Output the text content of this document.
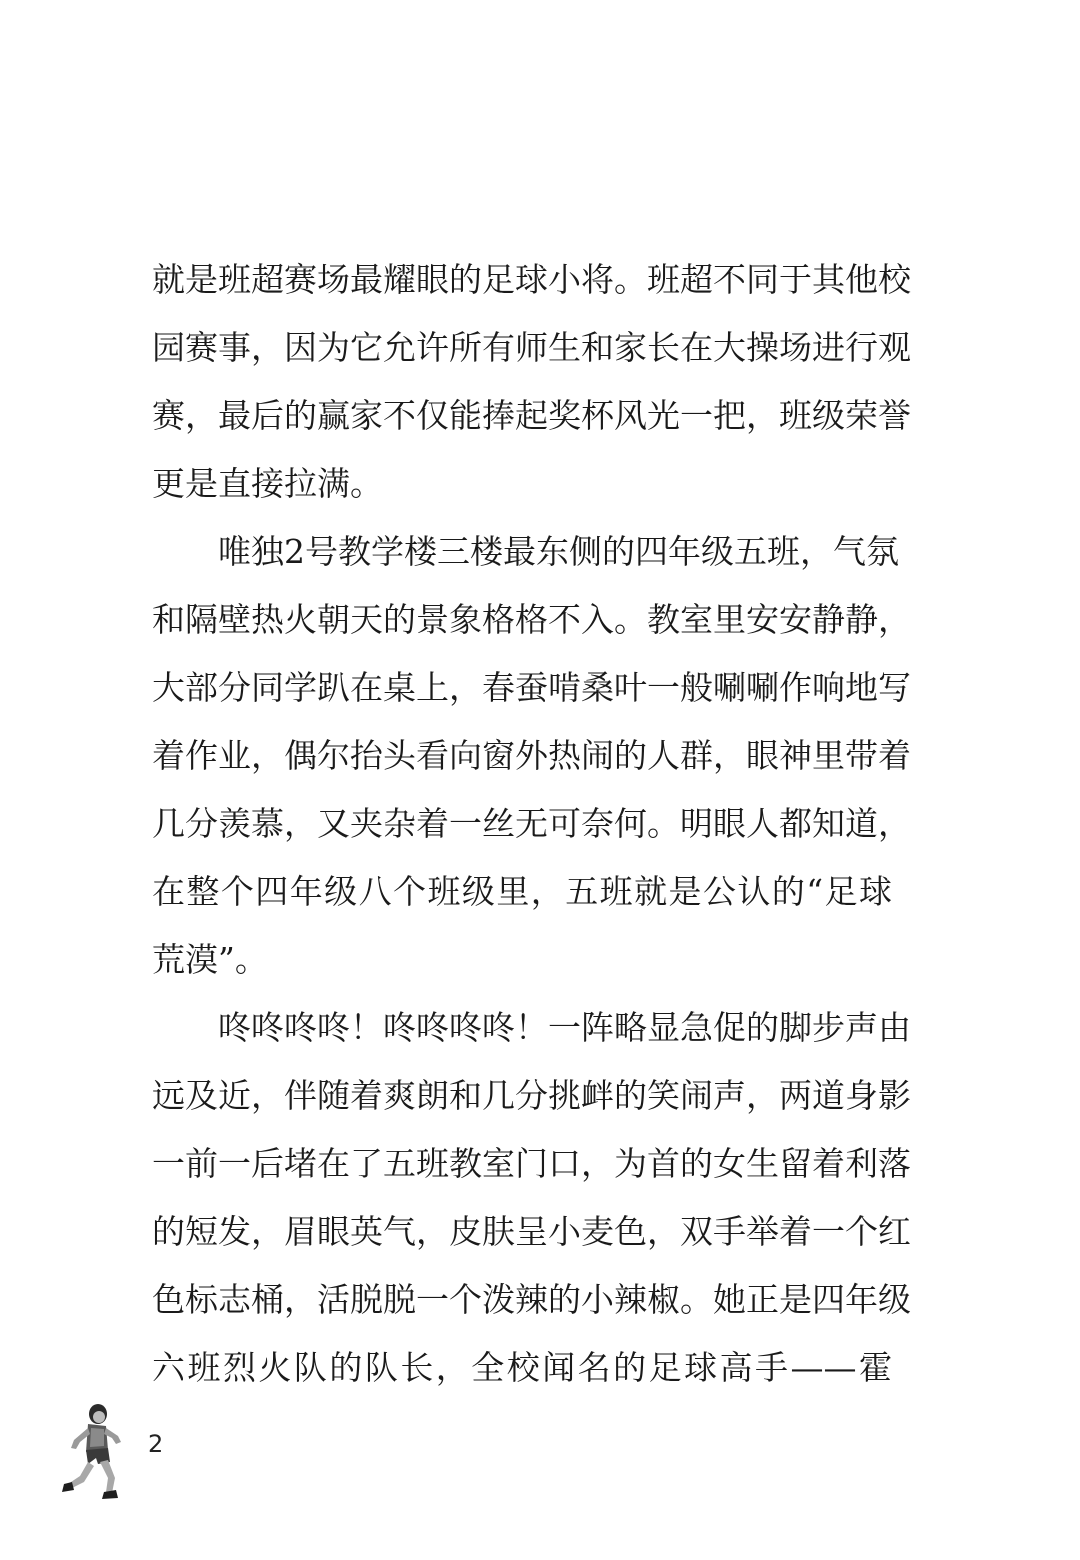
就是班超赛场最耀眼的足球小将。班超不同于其他校
园赛事，因为它允许所有师生和家长在大操场进行观
赛，最后的赢家不仅能捧起奖杯风光一把，班级荣誉
更是直接拉满。
唯独2号教学楼三楼最东侧的四年级五班，气氛
和隔壁热火朝天的景象格格不入。教室里安安静静，
大部分同学趴在桌上，春蚕啃桑叶一般唰唰作响地写
着作业，偶尔抬头看向窗外热闹的人群，眼神里带着
几分羡慕，又夹杂着一丝无可奈何。明眼人都知道，
在整个四年级八个班级里，五班就是公认的“足球
荒漠”。
咚咚咚咚！咚咚咚咚！一阵略显急促的脚步声由
远及近，伴随着爽朗和几分挑衅的笑闹声，两道身影
一前一后堵在了五班教室门口，为首的女生留着利落
的短发，眉眼英气，皮肤呈小麦色，双手举着一个红
色标志桶，活脱脱一个泼辣的小辣椒。她正是四年级
六班烈火队的队长，全校闻名的足球高手——霍
2
